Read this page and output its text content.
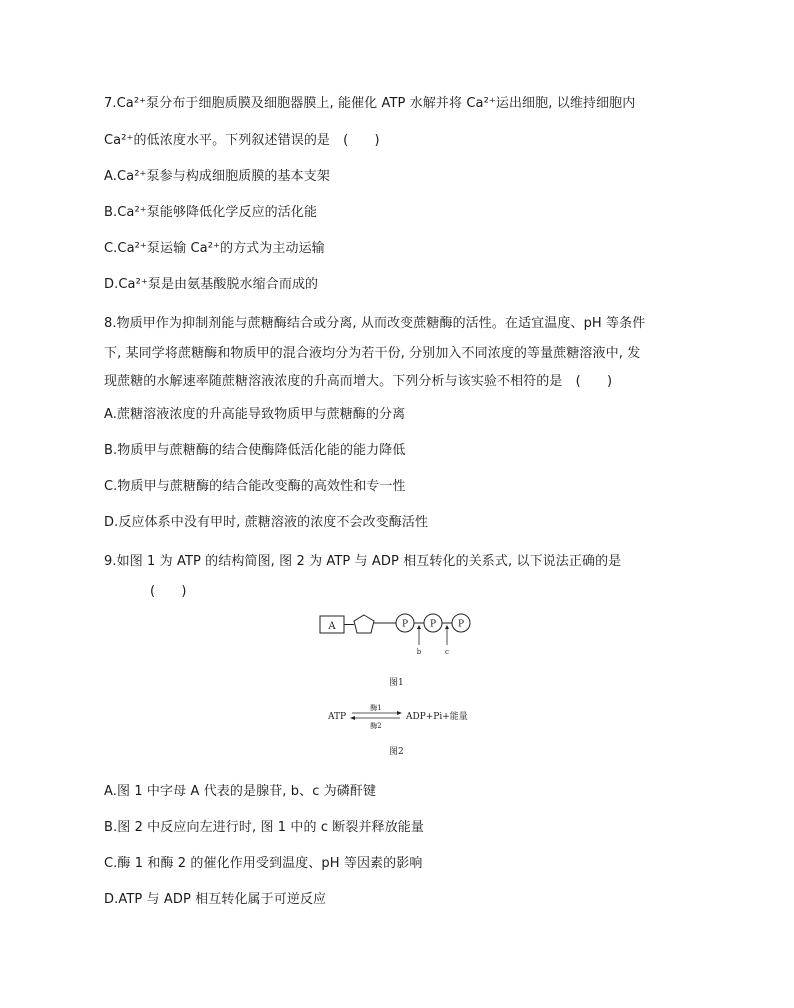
7.Ca²⁺泵分布于细胞质膜及细胞器膜上, 能催化 ATP 水解并将 Ca²⁺运出细胞, 以维持细胞内
Ca²⁺的低浓度水平。下列叙述错误的是　(　　)
A.Ca²⁺泵参与构成细胞质膜的基本支架
B.Ca²⁺泵能够降低化学反应的活化能
C.Ca²⁺泵运输 Ca²⁺的方式为主动运输
D.Ca²⁺泵是由氨基酸脱水缩合而成的
8.物质甲作为抑制剂能与蔗糖酶结合或分离, 从而改变蔗糖酶的活性。在适宜温度、pH 等条件
下, 某同学将蔗糖酶和物质甲的混合液均分为若干份, 分别加入不同浓度的等量蔗糖溶液中, 发
现蔗糖的水解速率随蔗糖溶液浓度的升高而增大。下列分析与该实验不相符的是　(　　)
A.蔗糖溶液浓度的升高能导致物质甲与蔗糖酶的分离
B.物质甲与蔗糖酶的结合使酶降低活化能的能力降低
C.物质甲与蔗糖酶的结合能改变酶的高效性和专一性
D.反应体系中没有甲时, 蔗糖溶液的浓度不会改变酶活性
9.如图 1 为 ATP 的结构简图, 图 2 为 ATP 与 ADP 相互转化的关系式, 以下说法正确的是
(　　)
A	P P P
b	c
图1
ATP
酶1
酶2
ADP+Pi+能量
图2
A.图 1 中字母 A 代表的是腺苷, b、c 为磷酐键
B.图 2 中反应向左进行时, 图 1 中的 c 断裂并释放能量
C.酶 1 和酶 2 的催化作用受到温度、pH 等因素的影响
D.ATP 与 ADP 相互转化属于可逆反应
